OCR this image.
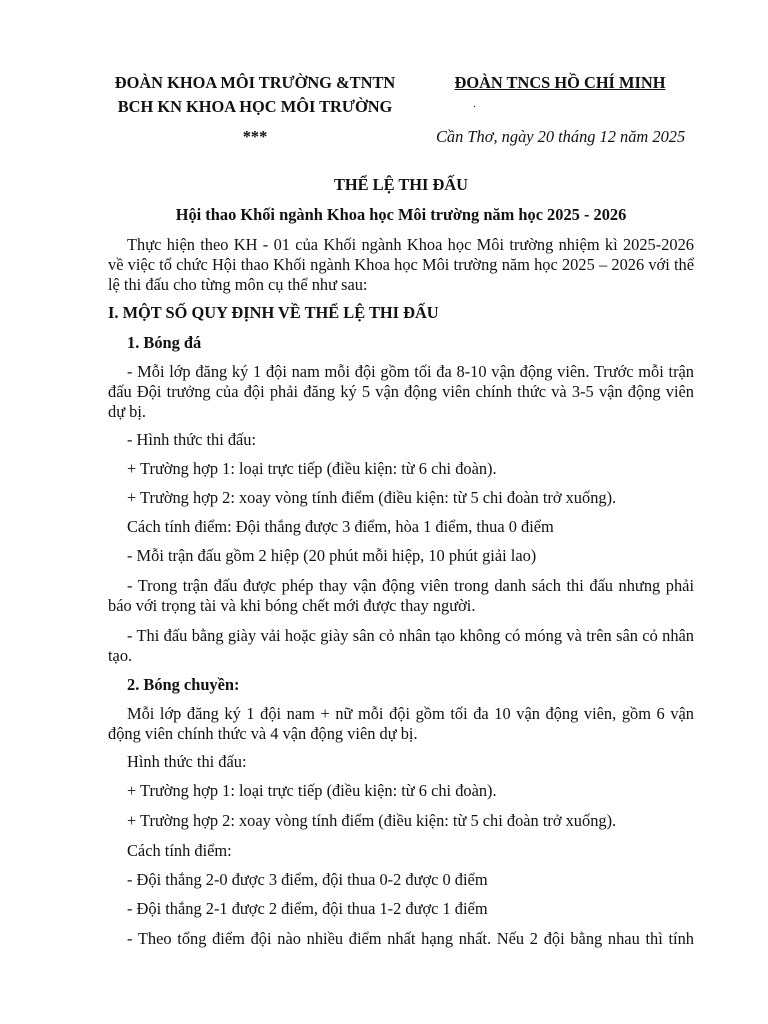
ĐOÀN KHOA MÔI TRƯỜNG &TNTN
BCH KN KHOA HỌC MÔI TRƯỜNG
***
ĐOÀN TNCS HỒ CHÍ MINH
.
Cần Thơ, ngày 20 tháng 12 năm 2025
THỂ LỆ THI ĐẤU
Hội thao Khối ngành Khoa học Môi trường năm học 2025 - 2026
Thực hiện theo KH - 01 của Khối ngành Khoa học Môi trường nhiệm kì 2025-2026 về việc tổ chức Hội thao Khối ngành Khoa học Môi trường năm học 2025 – 2026 với thể lệ thi đấu cho từng môn cụ thể như sau:
I. MỘT SỐ QUY ĐỊNH VỀ THỂ LỆ THI ĐẤU
1. Bóng đá
- Mỗi lớp đăng ký 1 đội nam mỗi đội gồm tối đa 8-10 vận động viên. Trước mỗi trận đấu Đội trưởng của đội phải đăng ký 5 vận động viên chính thức và 3-5 vận động viên dự bị.
- Hình thức thi đấu:
+ Trường hợp 1: loại trực tiếp (điều kiện: từ 6 chi đoàn).
+ Trường hợp 2: xoay vòng tính điểm (điều kiện: từ 5 chi đoàn trở xuống).
Cách tính điểm: Đội thắng được 3 điểm, hòa 1 điểm, thua 0 điểm
- Mỗi trận đấu gồm 2 hiệp (20 phút mỗi hiệp, 10 phút giải lao)
- Trong trận đấu được phép thay vận động viên trong danh sách thi đấu nhưng phải báo với trọng tài và khi bóng chết mới được thay người.
- Thi đấu bằng giày vải hoặc giày sân cỏ nhân tạo không có móng và trên sân cỏ nhân tạo.
2. Bóng chuyền:
Mỗi lớp đăng ký 1 đội nam + nữ mỗi đội gồm tối đa 10 vận động viên, gồm 6 vận động viên chính thức và 4 vận động viên dự bị.
Hình thức thi đấu:
+ Trường hợp 1: loại trực tiếp (điều kiện: từ 6 chi đoàn).
+ Trường hợp 2: xoay vòng tính điểm (điều kiện: từ 5 chi đoàn trở xuống).
Cách tính điểm:
- Đội thắng 2-0 được 3 điểm, đội thua 0-2 được 0 điểm
- Đội thắng 2-1 được 2 điểm, đội thua 1-2 được 1 điểm
- Theo tổng điểm đội nào nhiều điểm nhất hạng nhất. Nếu 2 đội bằng nhau thì tính
